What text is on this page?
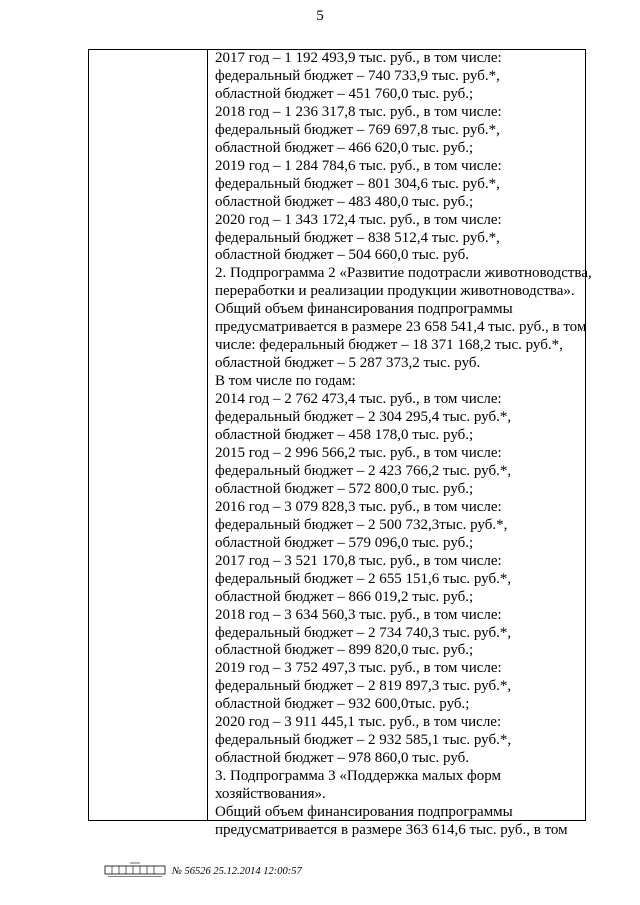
5
2017 год – 1 192 493,9 тыс. руб., в том числе:
федеральный бюджет – 740 733,9 тыс. руб.*,
областной бюджет – 451 760,0 тыс. руб.;
2018 год – 1 236 317,8 тыс. руб., в том числе:
федеральный бюджет – 769 697,8 тыс. руб.*,
областной бюджет – 466 620,0 тыс. руб.;
2019 год – 1 284 784,6 тыс. руб., в том числе:
федеральный бюджет – 801 304,6 тыс. руб.*,
областной бюджет – 483 480,0 тыс. руб.;
2020 год – 1 343 172,4 тыс. руб., в том числе:
федеральный бюджет – 838 512,4 тыс. руб.*,
областной бюджет – 504 660,0 тыс. руб.
2. Подпрограмма 2 «Развитие подотрасли животноводства,
переработки и реализации продукции животноводства».
Общий объем финансирования подпрограммы
предусматривается в размере 23 658 541,4 тыс. руб., в том
числе: федеральный бюджет – 18 371 168,2 тыс. руб.*,
областной бюджет – 5 287 373,2 тыс. руб.
В том числе по годам:
2014 год – 2 762 473,4 тыс. руб., в том числе:
федеральный бюджет – 2 304 295,4 тыс. руб.*,
областной бюджет – 458 178,0 тыс. руб.;
2015 год – 2 996 566,2 тыс. руб., в том числе:
федеральный бюджет – 2 423 766,2 тыс. руб.*,
областной бюджет – 572 800,0 тыс. руб.;
2016 год – 3 079 828,3 тыс. руб., в том числе:
федеральный бюджет – 2 500 732,3тыс. руб.*,
областной бюджет – 579 096,0 тыс. руб.;
2017 год – 3 521 170,8 тыс. руб., в том числе:
федеральный бюджет – 2 655 151,6 тыс. руб.*,
областной бюджет – 866 019,2 тыс. руб.;
2018 год – 3 634 560,3 тыс. руб., в том числе:
федеральный бюджет – 2 734 740,3 тыс. руб.*,
областной бюджет – 899 820,0 тыс. руб.;
2019 год – 3 752 497,3 тыс. руб., в том числе:
федеральный бюджет – 2 819 897,3 тыс. руб.*,
областной бюджет – 932 600,0тыс. руб.;
2020 год – 3 911 445,1 тыс. руб., в том числе:
федеральный бюджет – 2 932 585,1 тыс. руб.*,
областной бюджет – 978 860,0 тыс. руб.
3. Подпрограмма 3 «Поддержка малых форм
хозяйствования».
Общий объем финансирования подпрограммы
предусматривается в размере 363 614,6 тыс. руб., в том
№ 56526 25.12.2014 12:00:57
